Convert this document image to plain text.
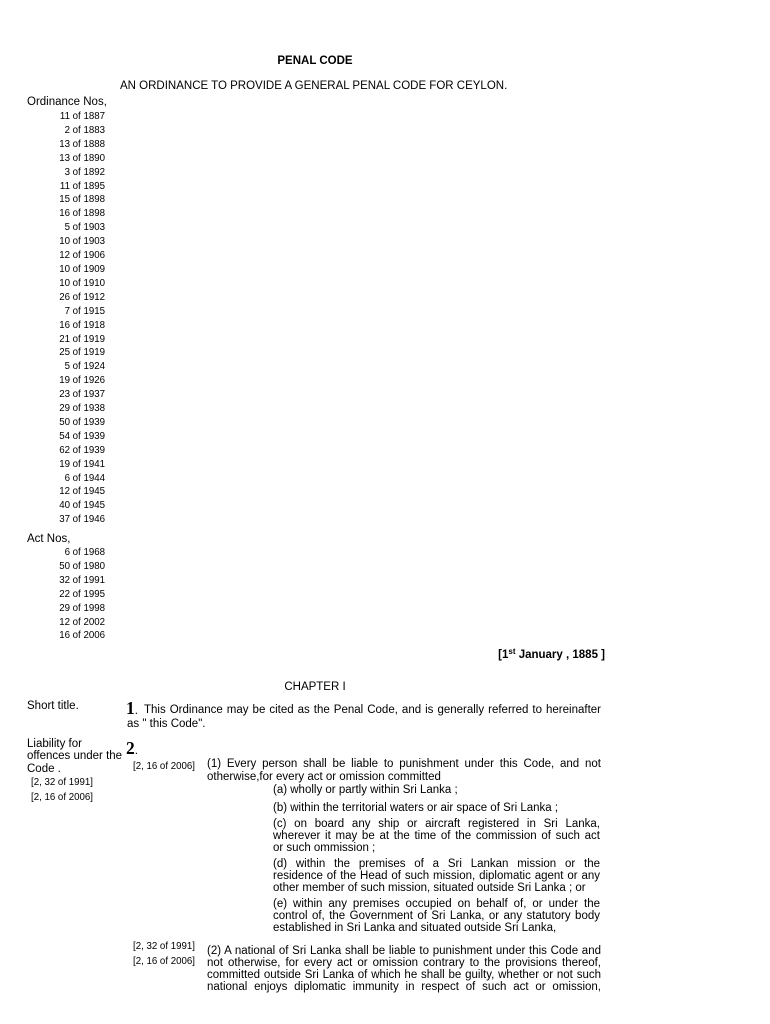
PENAL CODE
AN ORDINANCE TO PROVIDE A GENERAL PENAL CODE FOR CEYLON.
Ordinance Nos,
11 of 1887
2 of 1883
13 of 1888
13 of 1890
3 of 1892
11 of 1895
15 of 1898
16 of 1898
5 of 1903
10 of 1903
12 of 1906
10 of 1909
10 of 1910
26 of 1912
7 of 1915
16 of 1918
21 of 1919
25 of 1919
5 of 1924
19 of 1926
23 of 1937
29 of 1938
50 of 1939
54 of 1939
62 of 1939
19 of 1941
6 of 1944
12 of 1945
40 of 1945
37 of 1946
Act Nos,
6 of 1968
50 of 1980
32 of 1991
22 of 1995
29 of 1998
12 of 2002
16 of 2006
[1st January , 1885 ]
CHAPTER I
Short title.	1. This Ordinance may be cited as the Penal Code, and is generally referred to hereinafter
as " this Code".
Liability for
offences under the
Code .
[2, 32 of 1991]
[2, 16 of 2006]
2.
[2, 16 of 2006] (1) Every person shall be liable to punishment under this Code, and not
otherwise,for every act or omission committed
(a) wholly or partly within Sri Lanka ;
(b) within the territorial waters or air space of Sri Lanka ;
(c) on board any ship or aircraft registered in Sri Lanka,
wherever it may be at the time of the commission of such act
or such ommission ;
(d) within the premises of a Sri Lankan mission or the
residence of the Head of such mission, diplomatic agent or any
other member of such mission, situated outside Sri Lanka ; or
(e) within any premises occupied on behalf of, or under the
control of, the Government of Sri Lanka, or any statutory body
established in Sri Lanka and situated outside Sri Lanka,
[2, 32 of 1991]
[2, 16 of 2006]
(2) A national of Sri Lanka shall be liable to punishment under this Code and
not otherwise, for every act or omission contrary to the provisions thereof,
committed outside Sri Lanka of which he shall be guilty, whether or not such
national enjoys diplomatic immunity in respect of such act or omission,
